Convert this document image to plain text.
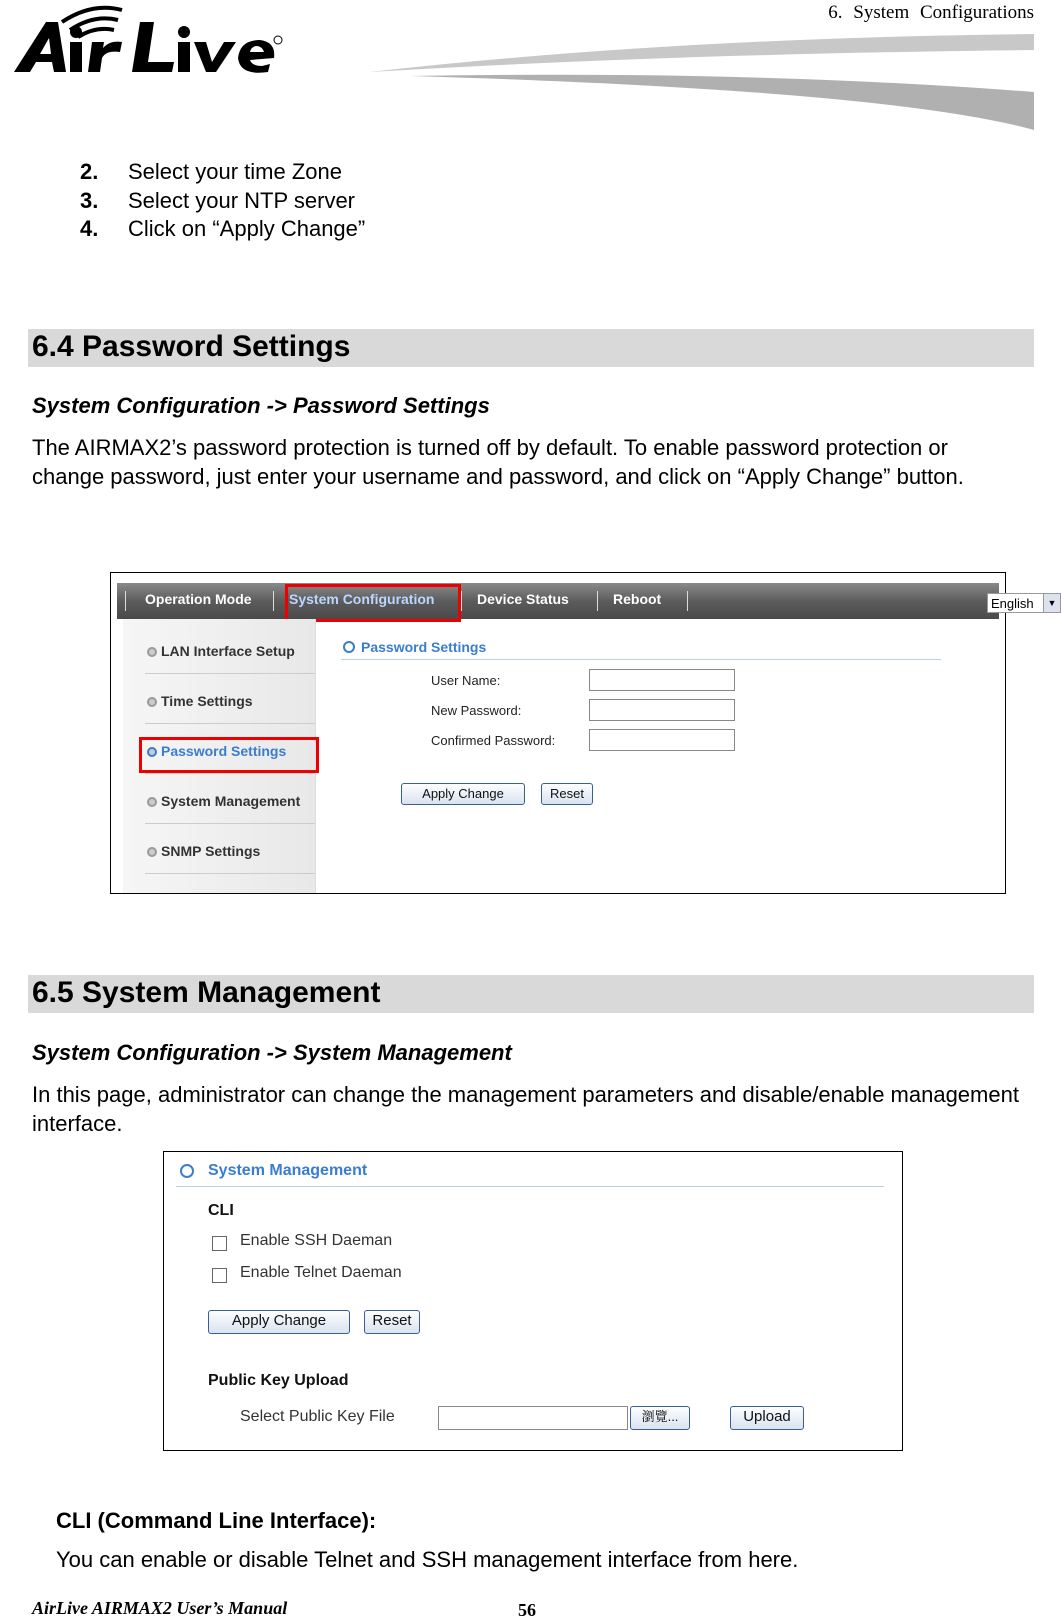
6. System Configurations
2. Select your time Zone
3. Select your NTP server
4. Click on “Apply Change”
6.4 Password Settings
System Configuration -> Password Settings
The AIRMAX2’s password protection is turned off by default. To enable password protection or change password, just enter your username and password, and click on “Apply Change” button.
Operation Mode	System Configuration	Device Status	Reboot	English	▼
LAN Interface Setup
Time Settings
Password Settings
System Management
SNMP Settings
Password Settings
User Name:
New Password:
Confirmed Password:
Apply Change	Reset
6.5 System Management
System Configuration -> System Management
In this page, administrator can change the management parameters and disable/enable management interface.
System Management
CLI
Enable SSH Daeman
Enable Telnet Daeman
Apply Change	Reset
Public Key Upload
Select Public Key File	瀏覽...	Upload
CLI (Command Line Interface):
You can enable or disable Telnet and SSH management interface from here.
AirLive AIRMAX2 User’s Manual	56
